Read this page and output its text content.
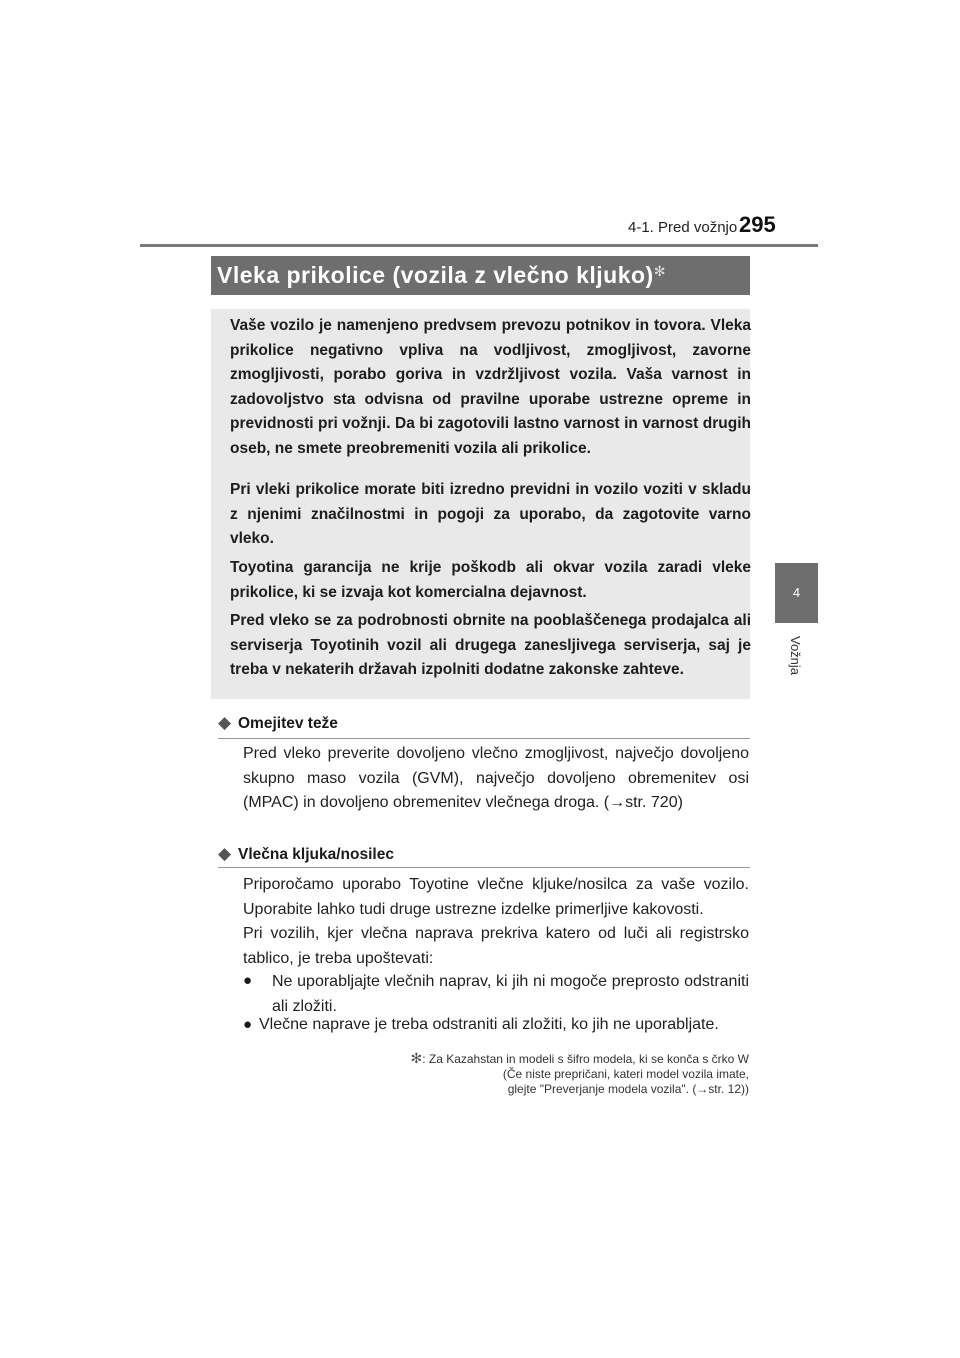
4-1. Pred vožnjo 295
4
Vožnja
Vleka prikolice (vozila z vlečno kljuko)✻

Vaše vozilo je namenjeno predvsem prevozu potnikov in tovora. Vleka prikolice negativno vpliva na vodljivost, zmogljivost, zavorne zmogljivosti, porabo goriva in vzdržljivost vozila. Vaša varnost in zadovoljstvo sta odvisna od pravilne uporabe ustrezne opreme in previdnosti pri vožnji. Da bi zagotovili lastno varnost in varnost drugih oseb, ne smete preobremeniti vozila ali prikolice.

Pri vleki prikolice morate biti izredno previdni in vozilo voziti v skladu z njenimi značilnostmi in pogoji za uporabo, da zagotovite varno vleko.

Toyotina garancija ne krije poškodb ali okvar vozila zaradi vleke prikolice, ki se izvaja kot komercialna dejavnost.

Pred vleko se za podrobnosti obrnite na pooblaščenega prodajalca ali serviserja Toyotinih vozil ali drugega zanesljivega serviserja, saj je treba v nekaterih državah izpolniti dodatne zakonske zahteve.

◆ Omejitev teže

Pred vleko preverite dovoljeno vlečno zmogljivost, največjo dovoljeno skupno maso vozila (GVM), največjo dovoljeno obremenitev osi (MPAC) in dovoljeno obremenitev vlečnega droga. (→str. 720)

◆ Vlečna kljuka/nosilec

Priporočamo uporabo Toyotine vlečne kljuke/nosilca za vaše vozilo. Uporabite lahko tudi druge ustrezne izdelke primerljive kakovosti.

Pri vozilih, kjer vlečna naprava prekriva katero od luči ali registrsko tablico, je treba upoštevati:

● Ne uporabljajte vlečnih naprav, ki jih ni mogoče preprosto odstraniti ali zložiti.

● Vlečne naprave je treba odstraniti ali zložiti, ko jih ne uporabljate.

✻: Za Kazahstan in modeli s šifro modela, ki se konča s črko W
(Če niste prepričani, kateri model vozila imate,
glejte "Preverjanje modela vozila". (→str. 12))
